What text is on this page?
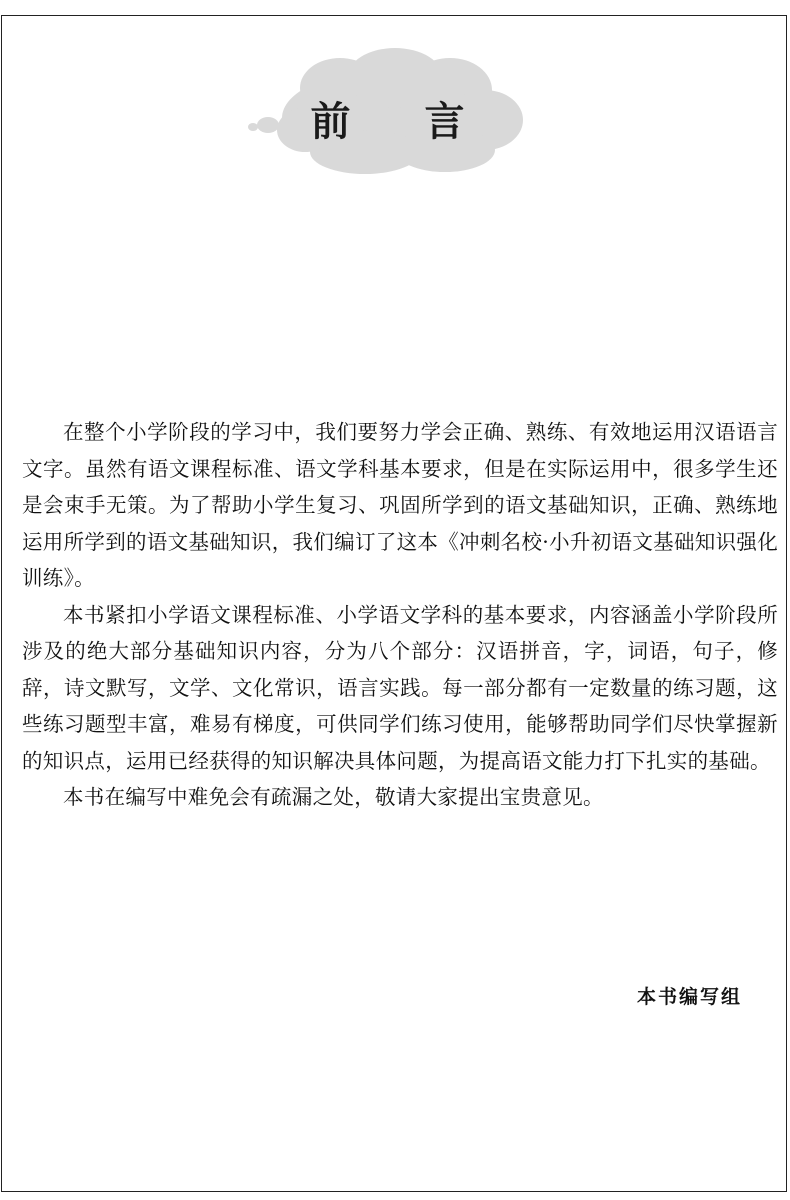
前 言

在整个小学阶段的学习中，我们要努力学会正确、熟练、有效地运用汉语语言文字。虽然有语文课程标准、语文学科基本要求，但是在实际运用中，很多学生还是会束手无策。为了帮助小学生复习、巩固所学到的语文基础知识，正确、熟练地运用所学到的语文基础知识，我们编订了这本《冲刺名校·小升初语文基础知识强化训练》。

本书紧扣小学语文课程标准、小学语文学科的基本要求，内容涵盖小学阶段所涉及的绝大部分基础知识内容，分为八个部分：汉语拼音，字，词语，句子，修辞，诗文默写，文学、文化常识，语言实践。每一部分都有一定数量的练习题，这些练习题型丰富，难易有梯度，可供同学们练习使用，能够帮助同学们尽快掌握新的知识点，运用已经获得的知识解决具体问题，为提高语文能力打下扎实的基础。

本书在编写中难免会有疏漏之处，敬请大家提出宝贵意见。

本书编写组
